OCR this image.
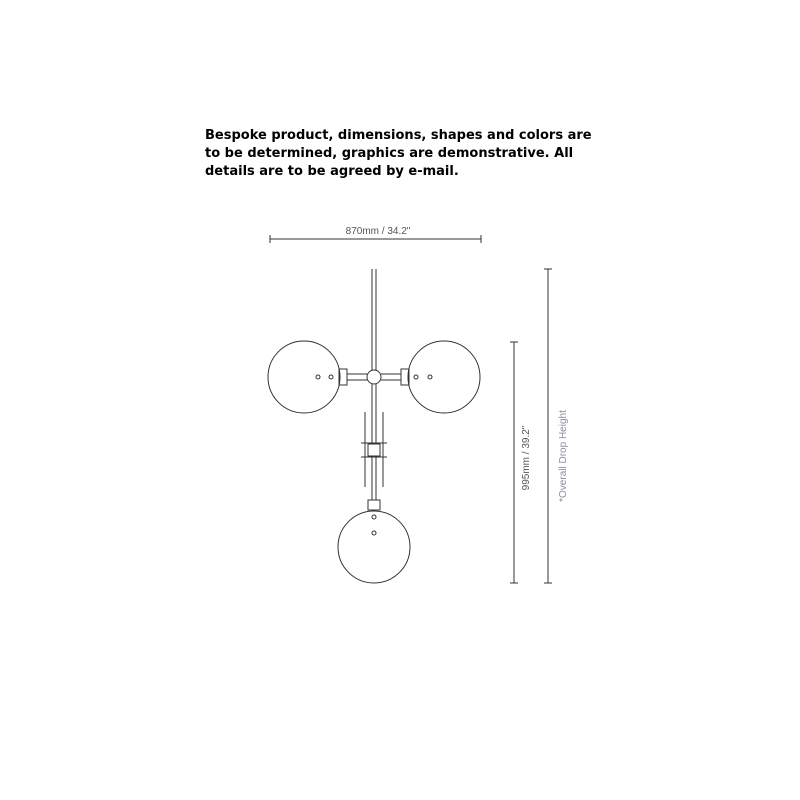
Bespoke product, dimensions, shapes and colors are
to be determined, graphics are demonstrative. All
details are to be agreed by e-mail.

870mm / 34.2"
995mm / 39.2"	*Overall Drop Height
